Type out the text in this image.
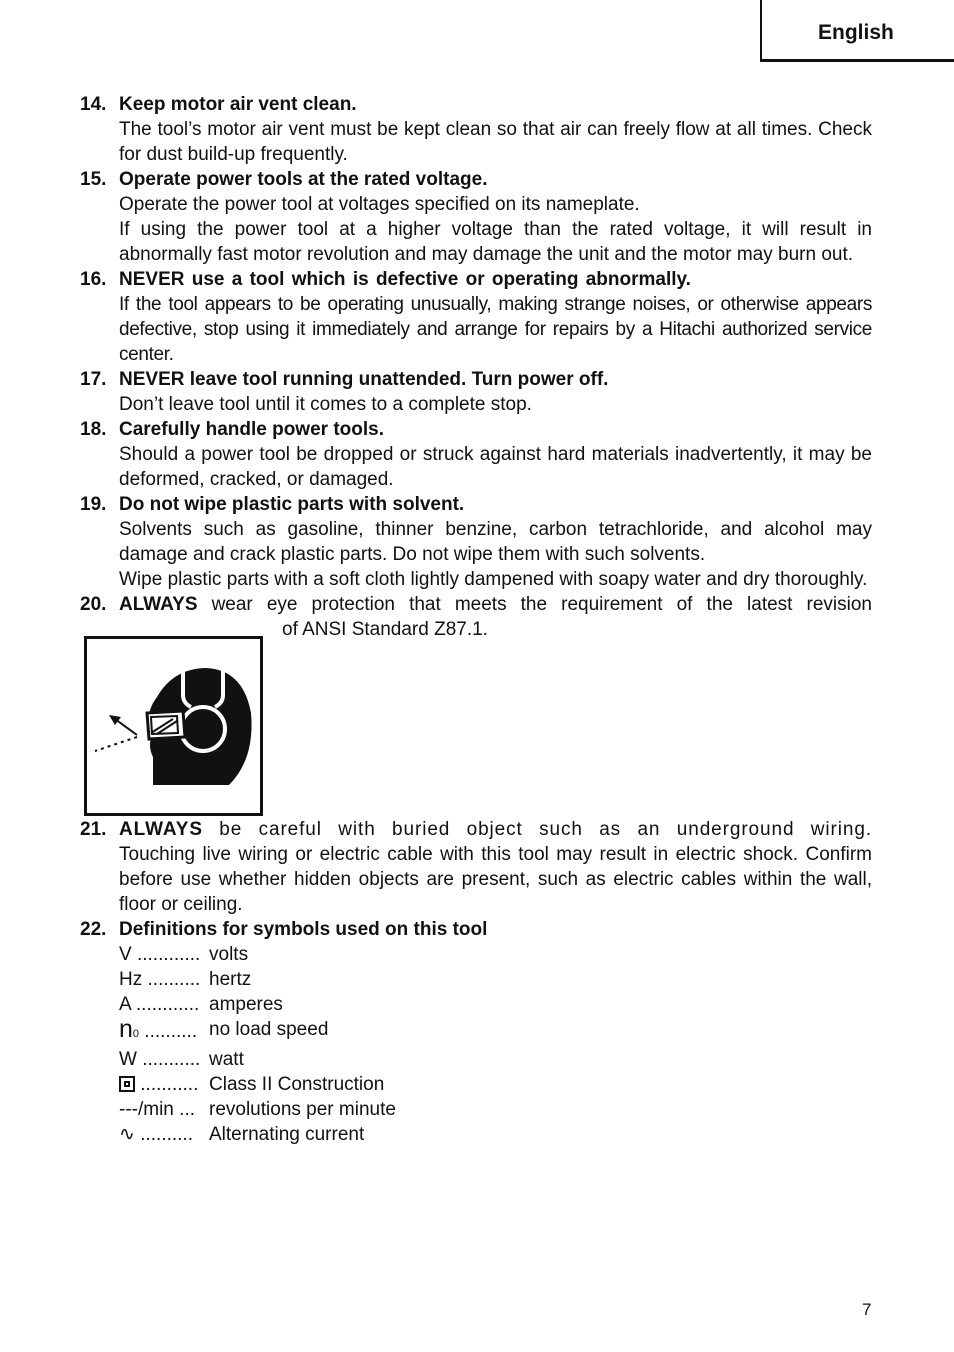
English
14. Keep motor air vent clean.
The tool’s motor air vent must be kept clean so that air can freely flow at all times. Check for dust build-up frequently.
15. Operate power tools at the rated voltage.
Operate the power tool at voltages specified on its nameplate.
If using the power tool at a higher voltage than the rated voltage, it will result in abnormally fast motor revolution and may damage the unit and the motor may burn out.
16. NEVER use a tool which is defective or operating abnormally.
If the tool appears to be operating unusually, making strange noises, or otherwise appears defective, stop using it immediately and arrange for repairs by a Hitachi authorized service center.
17. NEVER leave tool running unattended. Turn power off.
Don’t leave tool until it comes to a complete stop.
18. Carefully handle power tools.
Should a power tool be dropped or struck against hard materials inadvertently, it may be deformed, cracked, or damaged.
19. Do not wipe plastic parts with solvent.
Solvents such as gasoline, thinner benzine, carbon tetrachloride, and alcohol may damage and crack plastic parts. Do not wipe them with such solvents.
Wipe plastic parts with a soft cloth lightly dampened with soapy water and dry thoroughly.
20. ALWAYS wear eye protection that meets the requirement of the latest revision
of ANSI Standard Z87.1.
21. ALWAYS be careful with buried object such as an underground wiring.
Touching live wiring or electric cable with this tool may result in electric shock. Confirm before use whether hidden objects are present, such as electric cables within the wall, floor or ceiling.
22. Definitions for symbols used on this tool
V ............ volts
Hz .......... hertz
A ............ amperes
n0 .......... no load speed
W ........... watt
........... Class II Construction
---/min ... revolutions per minute
∿ .......... Alternating current
7
